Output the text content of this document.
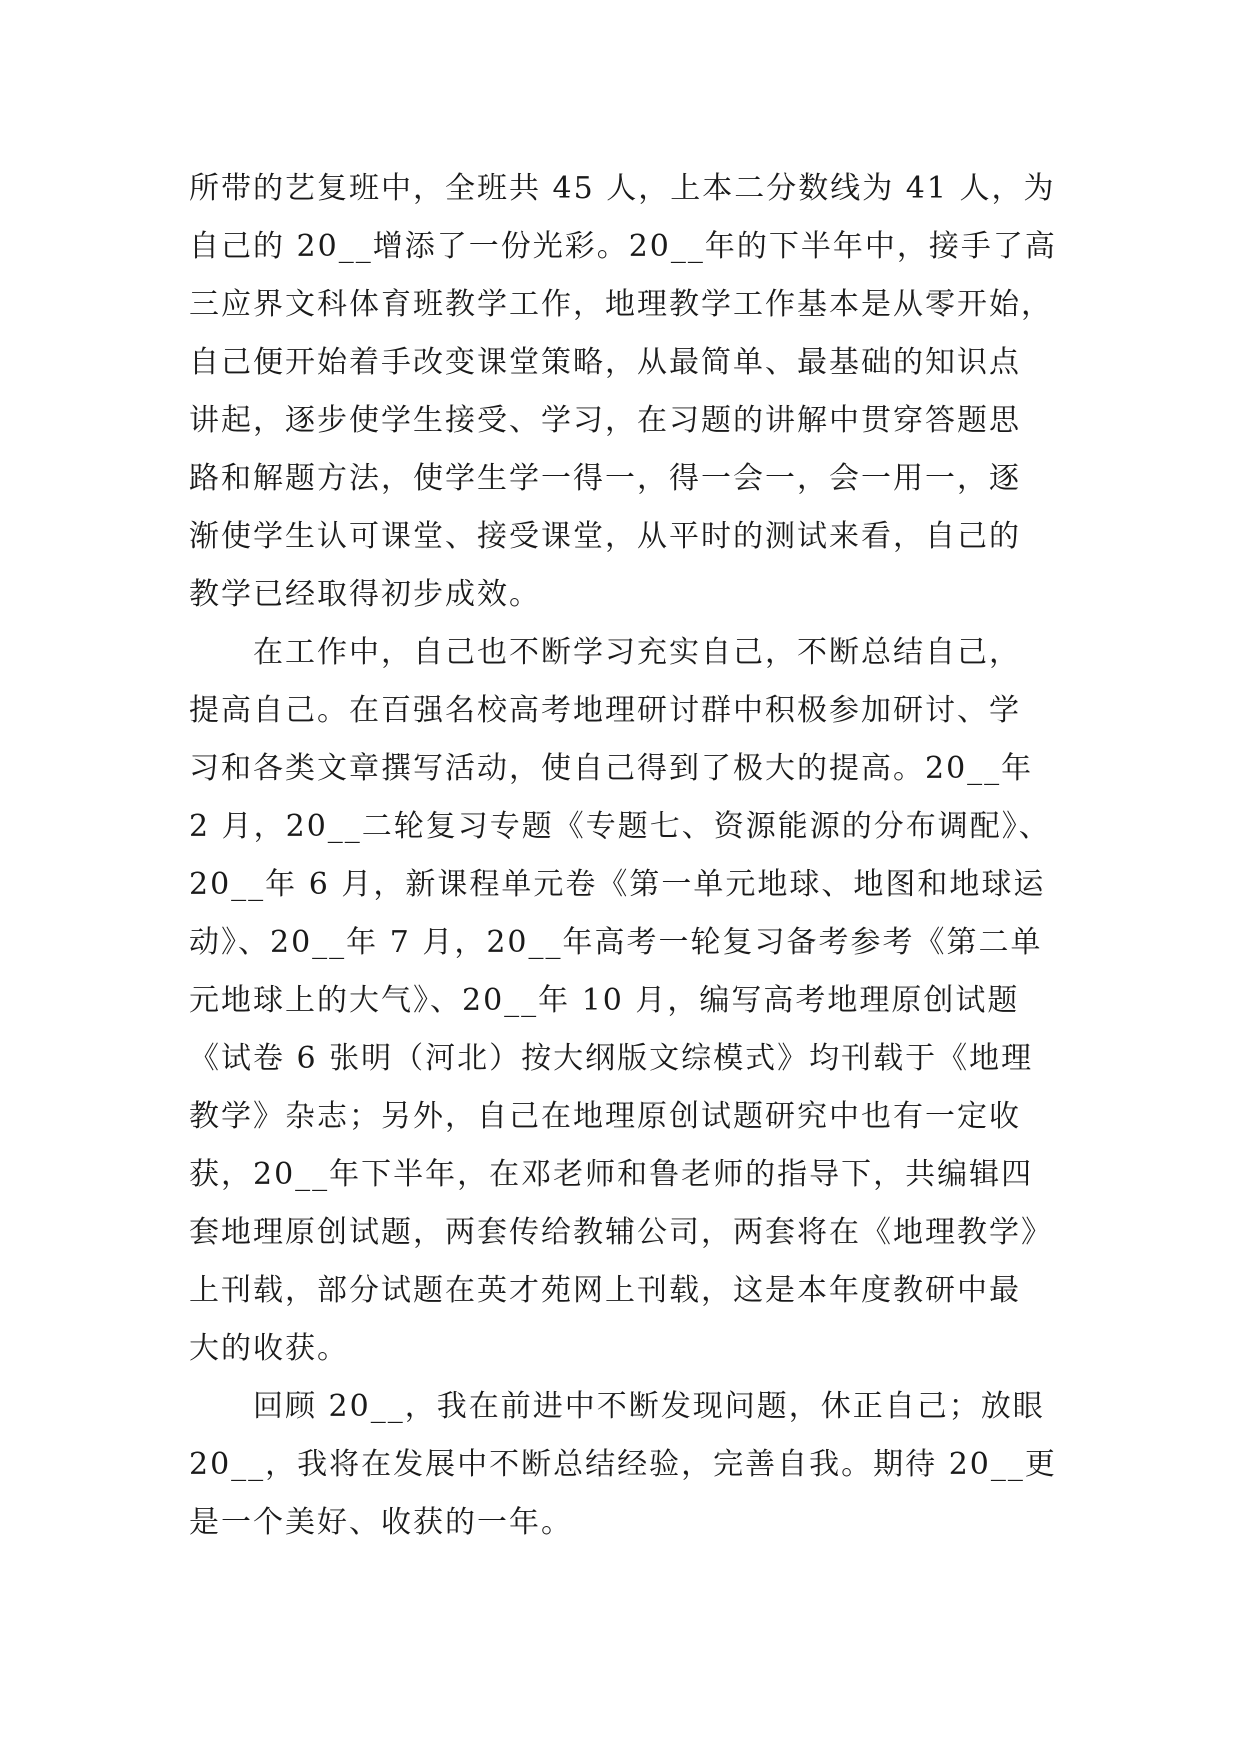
所带的艺复班中，全班共 45 人，上本二分数线为 41 人，为
自己的 20__增添了一份光彩。20__年的下半年中，接手了高
三应界文科体育班教学工作，地理教学工作基本是从零开始，
自己便开始着手改变课堂策略，从最简单、最基础的知识点
讲起，逐步使学生接受、学习，在习题的讲解中贯穿答题思
路和解题方法，使学生学一得一，得一会一，会一用一，逐
渐使学生认可课堂、接受课堂，从平时的测试来看，自己的
教学已经取得初步成效。
　　在工作中，自己也不断学习充实自己，不断总结自己，
提高自己。在百强名校高考地理研讨群中积极参加研讨、学
习和各类文章撰写活动，使自己得到了极大的提高。20__年
2 月，20__二轮复习专题《专题七、资源能源的分布调配》、
20__年 6 月，新课程单元卷《第一单元地球、地图和地球运
动》、20__年 7 月，20__年高考一轮复习备考参考《第二单
元地球上的大气》、20__年 10 月，编写高考地理原创试题
《试卷 6 张明（河北）按大纲版文综模式》均刊载于《地理
教学》杂志；另外，自己在地理原创试题研究中也有一定收
获，20__年下半年，在邓老师和鲁老师的指导下，共编辑四
套地理原创试题，两套传给教辅公司，两套将在《地理教学》
上刊载，部分试题在英才苑网上刊载，这是本年度教研中最
大的收获。
　　回顾 20__，我在前进中不断发现问题，休正自己；放眼
20__，我将在发展中不断总结经验，完善自我。期待 20__更
是一个美好、收获的一年。
